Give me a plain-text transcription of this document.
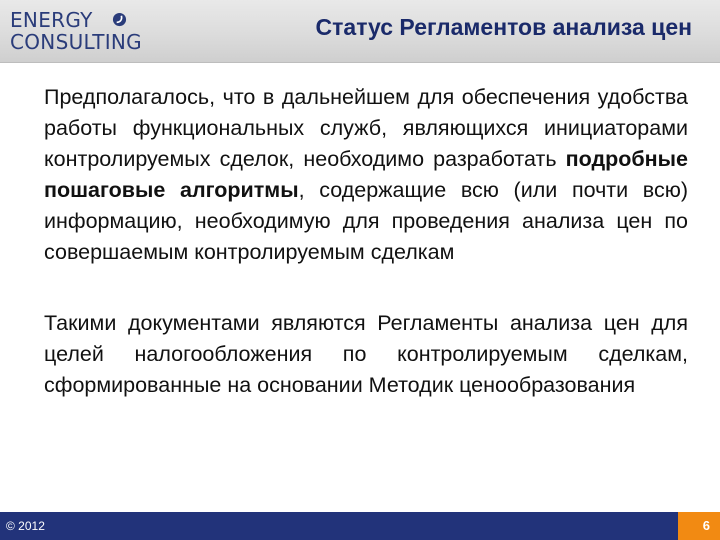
ENERGY
CONSULTING
Статус Регламентов анализа цен

Предполагалось, что в дальнейшем для обеспечения удобства работы функциональных служб, являющихся инициаторами контролируемых сделок, необходимо разработать подробные пошаговые алгоритмы, содержащие всю (или почти всю) информацию, необходимую для проведения анализа цен по совершаемым контролируемым сделкам

Такими документами являются Регламенты анализа цен для целей налогообложения по контролируемым сделкам, сформированные на основании Методик ценообразования

© 2012	6
